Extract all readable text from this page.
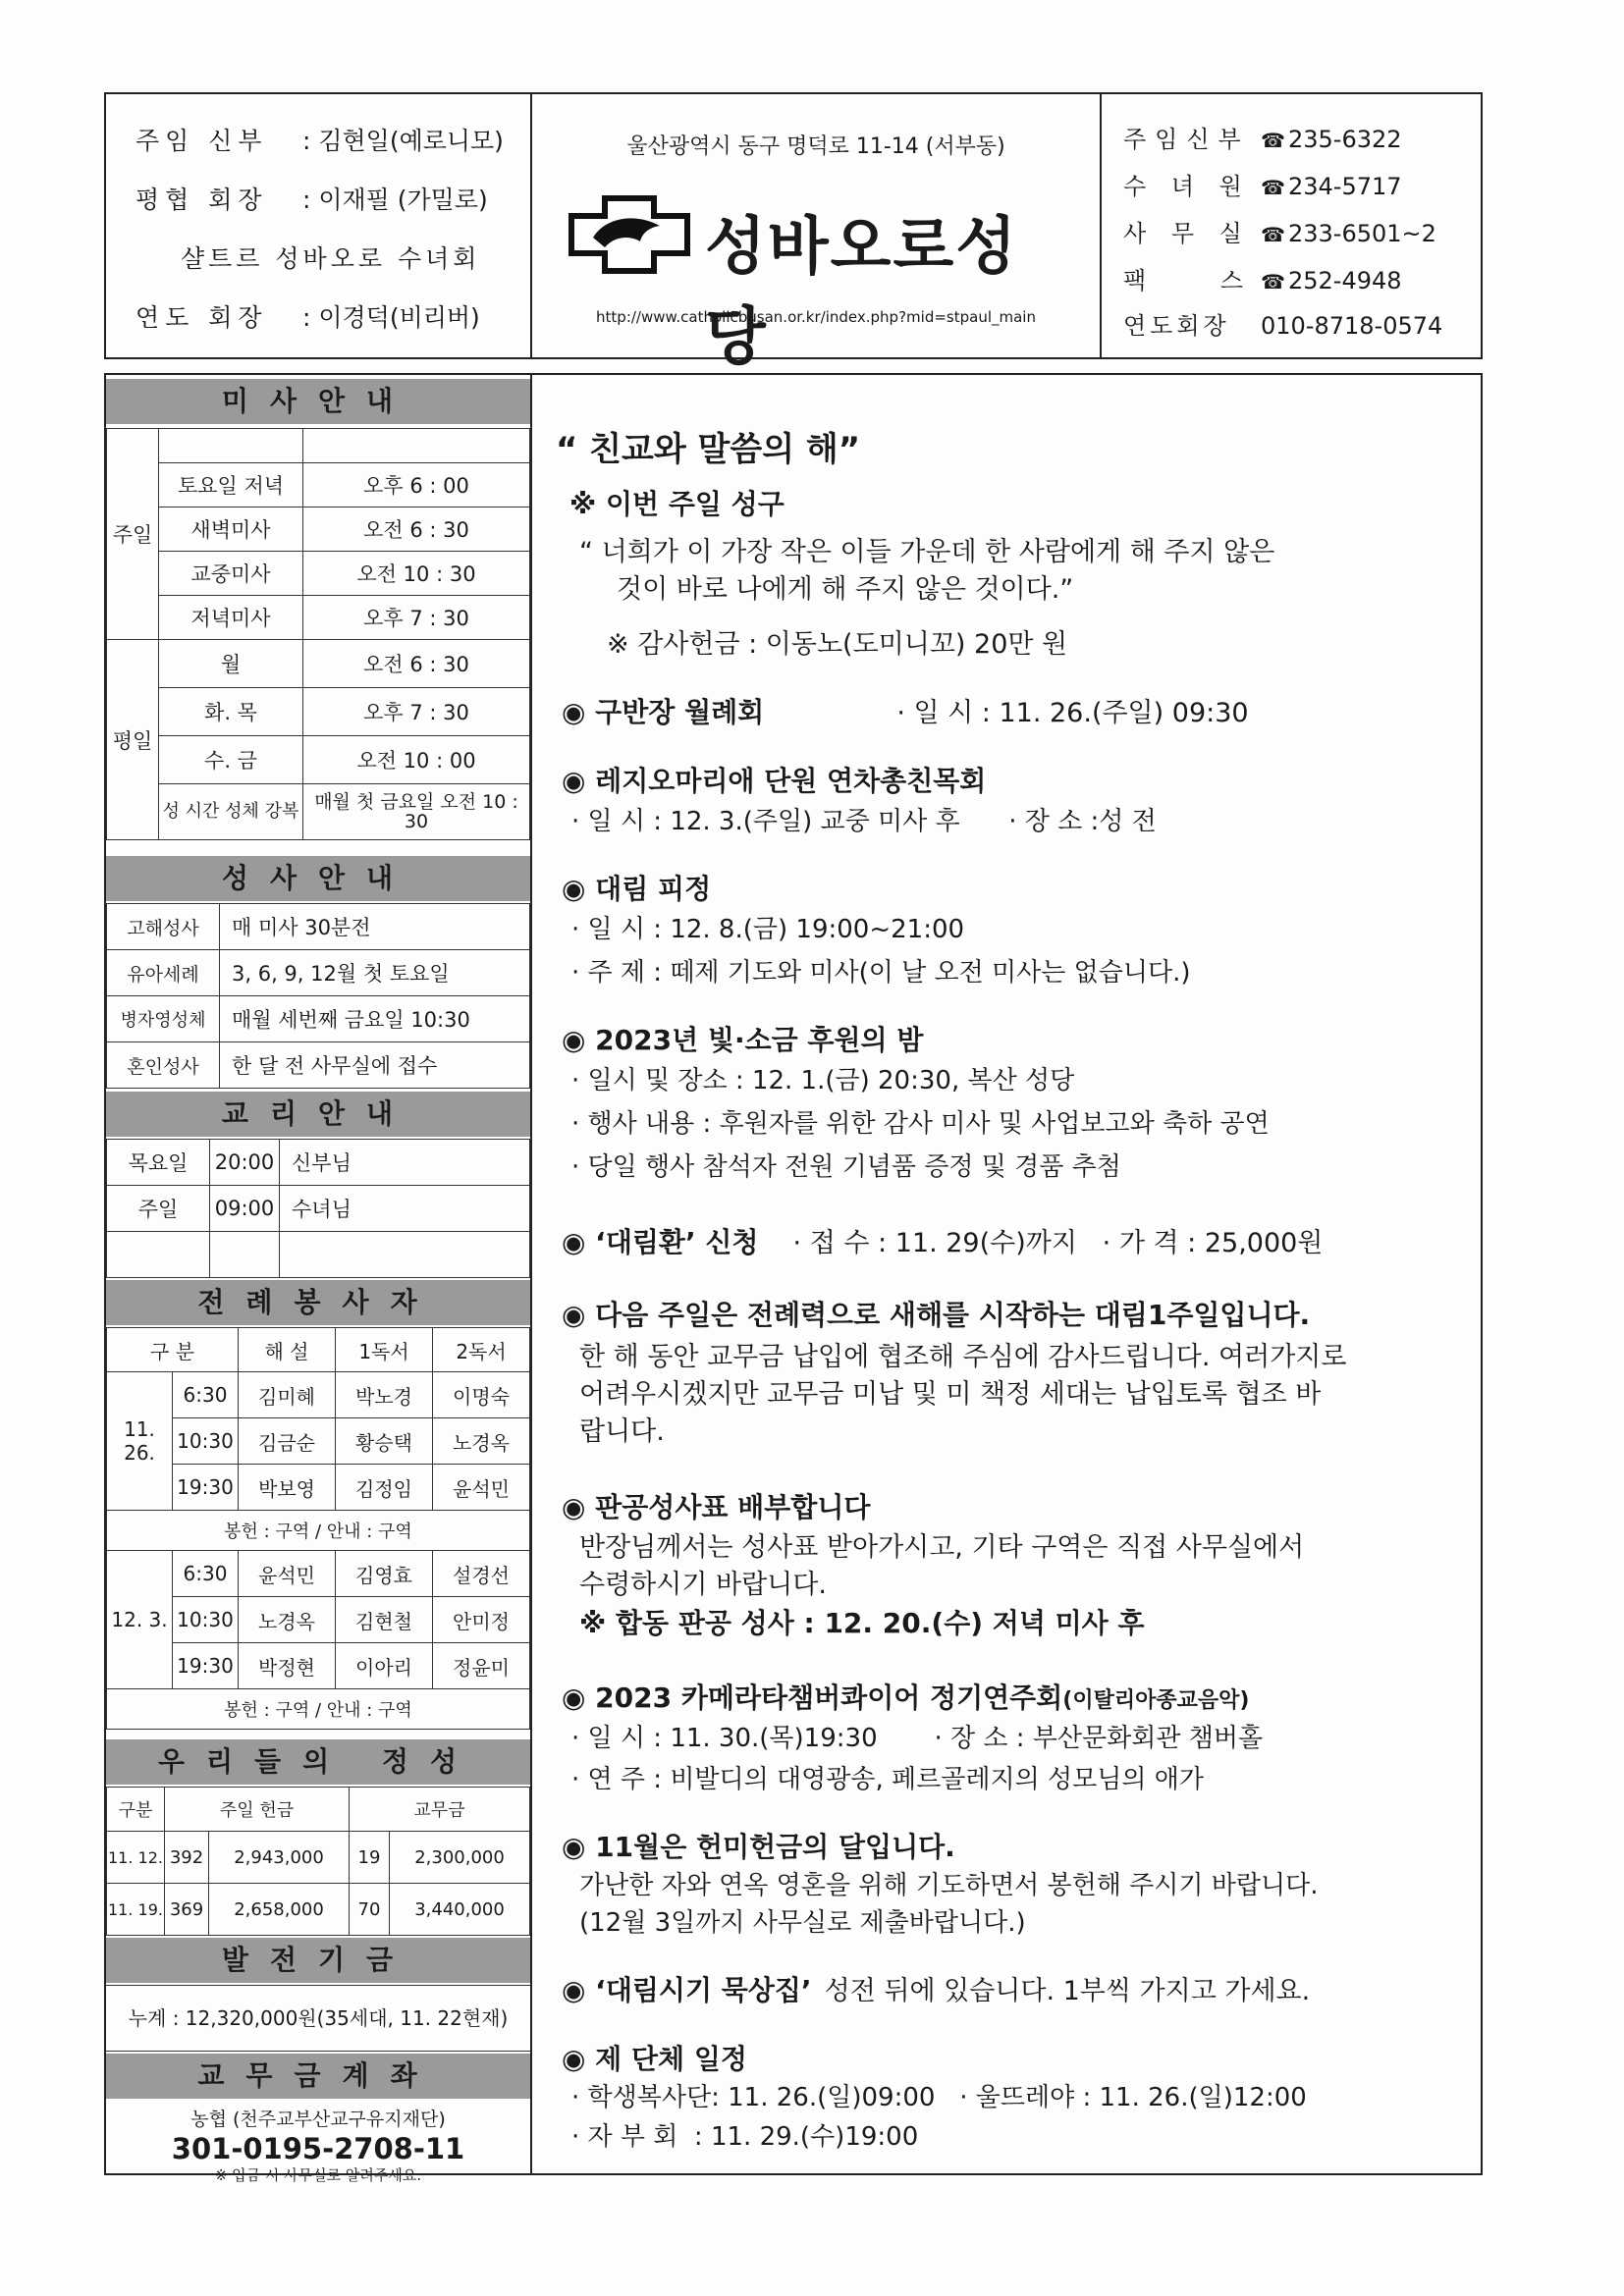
주임 신부 : 김현일(예로니모)
평협 회장 : 이재필 (가밀로)
샬트르 성바오로 수녀회
연도 회장 : 이경덕(비리버)
울산광역시 동구 명덕로 11-14 (서부동)
성바오로성당
http://www.catholicbusan.or.kr/index.php?mid=stpaul_main
주임신부 ☎ 235-6322
수 녀 원 ☎ 234-5717
사 무 실 ☎ 233-6501~2
팩    스 ☎ 252-4948
연도회장 010-8718-0574
미사안내
주일		
	토요일 저녁	오후 6 : 00
	새벽미사	오전 6 : 30
	교중미사	오전 10 : 30
	저녁미사	오후 7 : 30
평일	월	오전 6 : 30
	화. 목	오후 7 : 30
	수. 금	오전 10 : 00
	성 시간 성체 강복	매월 첫 금요일 오전 10 : 30
성사안내
고해성사	매 미사 30분전
유아세례	3, 6, 9, 12월 첫 토요일
병자영성체	매월 세번째 금요일 10:30
혼인성사	한 달 전 사무실에 접수
교리안내
목요일	20:00	신부님
주일	09:00	수녀님

전례봉사자
구 분		해 설	1독서	2독서
11. 26.	6:30	김미혜	박노경	이명숙
	10:30	김금순	황승택	노경옥
	19:30	박보영	김정임	윤석민
봉헌 : 구역 / 안내 : 구역				
12. 3.	6:30	윤석민	김영효	설경선
	10:30	노경옥	김현철	안미정
	19:30	박정현	이아리	정윤미
봉헌 : 구역 / 안내 : 구역				
우리들의 정성
구분	주일 헌금		교무금	
11. 12.	392	2,943,000	19	2,300,000
11. 19.	369	2,658,000	70	3,440,000
발전기금
누계 : 12,320,000원(35세대, 11. 22현재)
교무금계좌
농협 (천주교부산교구유지재단)
301-0195-2708-11
※ 입금 시 사무실로 알려주세요.
“ 친교와 말씀의 해”
※ 이번 주일 성구
“ 너희가 이 가장 작은 이들 가운데 한 사람에게 해 주지 않은
것이 바로 나에게 해 주지 않은 것이다.”
※ 감사헌금 : 이동노(도미니꼬) 20만 원
◉ 구반장 월례회	· 일 시 : 11. 26.(주일) 09:30
◉ 레지오마리애 단원 연차총친목회
· 일 시 : 12. 3.(주일) 교중 미사 후      · 장 소 :성 전
◉ 대림 피정
· 일 시 : 12. 8.(금) 19:00~21:00
· 주 제 : 떼제 기도와 미사(이 날 오전 미사는 없습니다.)
◉ 2023년 빛·소금 후원의 밤
· 일시 및 장소 : 12. 1.(금) 20:30, 복산 성당
· 행사 내용 : 후원자를 위한 감사 미사 및 사업보고와 축하 공연
· 당일 행사 참석자 전원 기념품 증정 및 경품 추첨
◉ ‘대림환’ 신청 · 접 수 : 11. 29(수)까지   · 가 격 : 25,000원
◉ 다음 주일은 전례력으로 새해를 시작하는 대림1주일입니다.
한 해 동안 교무금 납입에 협조해 주심에 감사드립니다. 여러가지로
어려우시겠지만 교무금 미납 및 미 책정 세대는 납입토록 협조 바
랍니다.
◉ 판공성사표 배부합니다
반장님께서는 성사표 받아가시고, 기타 구역은 직접 사무실에서
수령하시기 바랍니다.
※ 합동 판공 성사 : 12. 20.(수) 저녁 미사 후
◉ 2023 카메라타챔버콰이어 정기연주회(이탈리아종교음악)
· 일 시 : 11. 30.(목)19:30       · 장 소 : 부산문화회관 챔버홀
· 연 주 : 비발디의 대영광송, 페르골레지의 성모님의 애가
◉ 11월은 헌미헌금의 달입니다.
가난한 자와 연옥 영혼을 위해 기도하면서 봉헌해 주시기 바랍니다.
(12월 3일까지 사무실로 제출바랍니다.)
◉ ‘대림시기 묵상집’ 성전 뒤에 있습니다. 1부씩 가지고 가세요.
◉ 제 단체 일정
· 학생복사단: 11. 26.(일)09:00   · 울뜨레야 : 11. 26.(일)12:00
· 자 부 회  : 11. 29.(수)19:00
